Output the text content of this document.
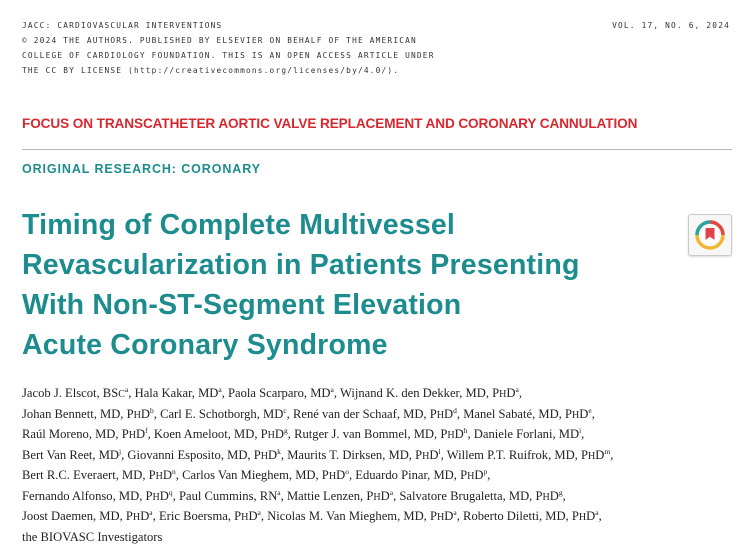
JACC: CARDIOVASCULAR INTERVENTIONS
© 2024 THE AUTHORS. PUBLISHED BY ELSEVIER ON BEHALF OF THE AMERICAN
COLLEGE OF CARDIOLOGY FOUNDATION. THIS IS AN OPEN ACCESS ARTICLE UNDER
THE CC BY LICENSE (http://creativecommons.org/licenses/by/4.0/).
VOL. 17, NO. 6, 2024
FOCUS ON TRANSCATHETER AORTIC VALVE REPLACEMENT AND CORONARY CANNULATION
ORIGINAL RESEARCH: CORONARY
Timing of Complete Multivessel
Revascularization in Patients Presenting
With Non-ST-Segment Elevation
Acute Coronary Syndrome
Jacob J. Elscot, BSC$^a$, Hala Kakar, $MD^a$, Paola Scarparo, $MD^a$, Wijnand K. den Dekker, MD, PHD$^a$,
Johan Bennett, MD, PHD$^b$, Carl E. Schotborgh, $MD^c$, René van der Schaaf, MD, PHD$^d$, Manel Sabaté, MD, PHD$^e$,
Raúl Moreno, MD, PHD$^f$, Koen Ameloot, MD, PHD$^g$, Rutger J. van Bommel, MD, PHD$^h$, Daniele Forlani, $MD^i$,
Bert Van Reet, $MD^j$, Giovanni Esposito, MD, PHD$^k$, Maurits T. Dirksen, MD, PHD$^l$, Willem P.T. Ruifrok, MD, PHD$^m$,
Bert R.C. Everaert, MD, PHD$^n$, Carlos Van Mieghem, MD, PHD$^o$, Eduardo Pinar, MD, PHD$^p$,
Fernando Alfonso, MD, PHD$^q$, Paul Cummins, $RN^a$, Mattie Lenzen, PHD$^a$, Salvatore Brugaletta, MD, PHD$^g$,
Joost Daemen, MD, PHD$^a$, Eric Boersma, PHD$^a$, Nicolas M. Van Mieghem, MD, PHD$^a$, Roberto Diletti, MD, PHD$^a$,
the BIOVASC Investigators
